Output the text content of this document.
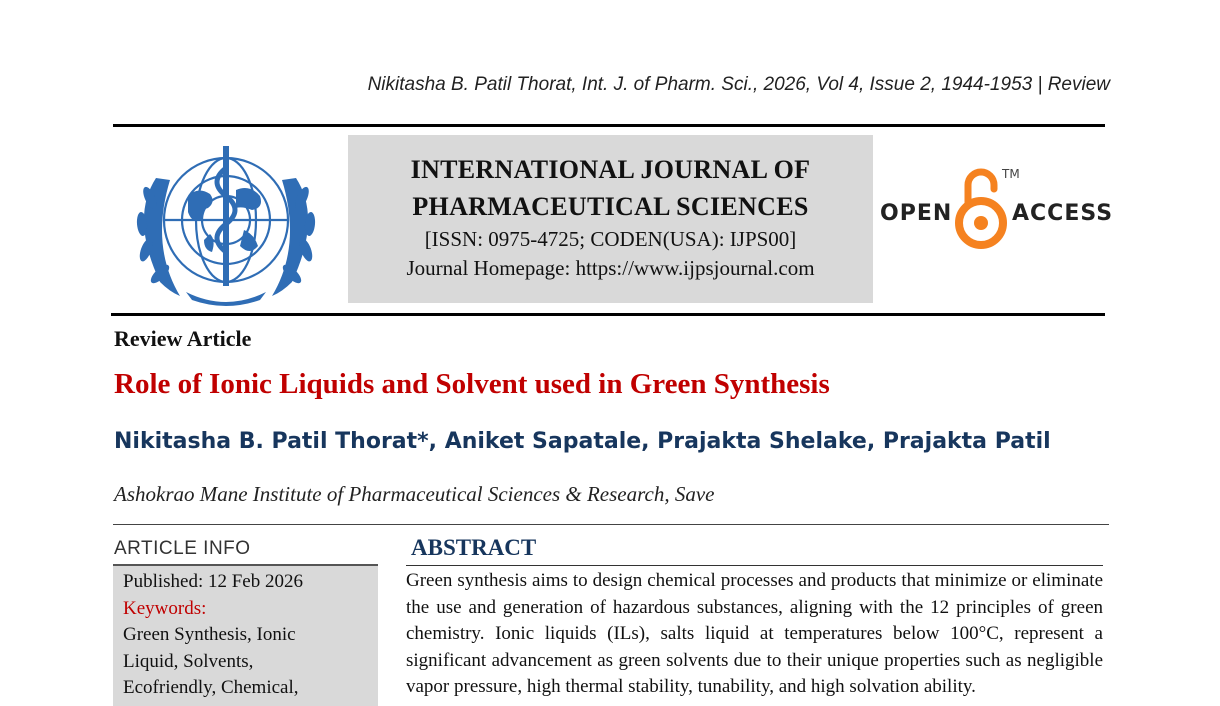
Nikitasha B. Patil Thorat, Int. J. of Pharm. Sci., 2026, Vol 4, Issue 2, 1944-1953 | Review
INTERNATIONAL JOURNAL OF
PHARMACEUTICAL SCIENCES
[ISSN: 0975-4725; CODEN(USA): IJPS00]
Journal Homepage: https://www.ijpsjournal.com
OPEN
TM
ACCESS
Review Article
Role of Ionic Liquids and Solvent used in Green Synthesis
Nikitasha B. Patil Thorat*, Aniket Sapatale, Prajakta Shelake, Prajakta Patil
Ashokrao Mane Institute of Pharmaceutical Sciences & Research, Save
ARTICLE INFO
Published: 12 Feb 2026
Keywords:
Green Synthesis, Ionic
Liquid, Solvents,
Ecofriendly, Chemical,
ABSTRACT
Green synthesis aims to design chemical processes and products that minimize or eliminate the use and generation of hazardous substances, aligning with the 12 principles of green chemistry. Ionic liquids (ILs), salts liquid at temperatures below 100°C, represent a significant advancement as green solvents due to their unique properties such as negligible vapor pressure, high thermal stability, tunability, and high solvation ability.
